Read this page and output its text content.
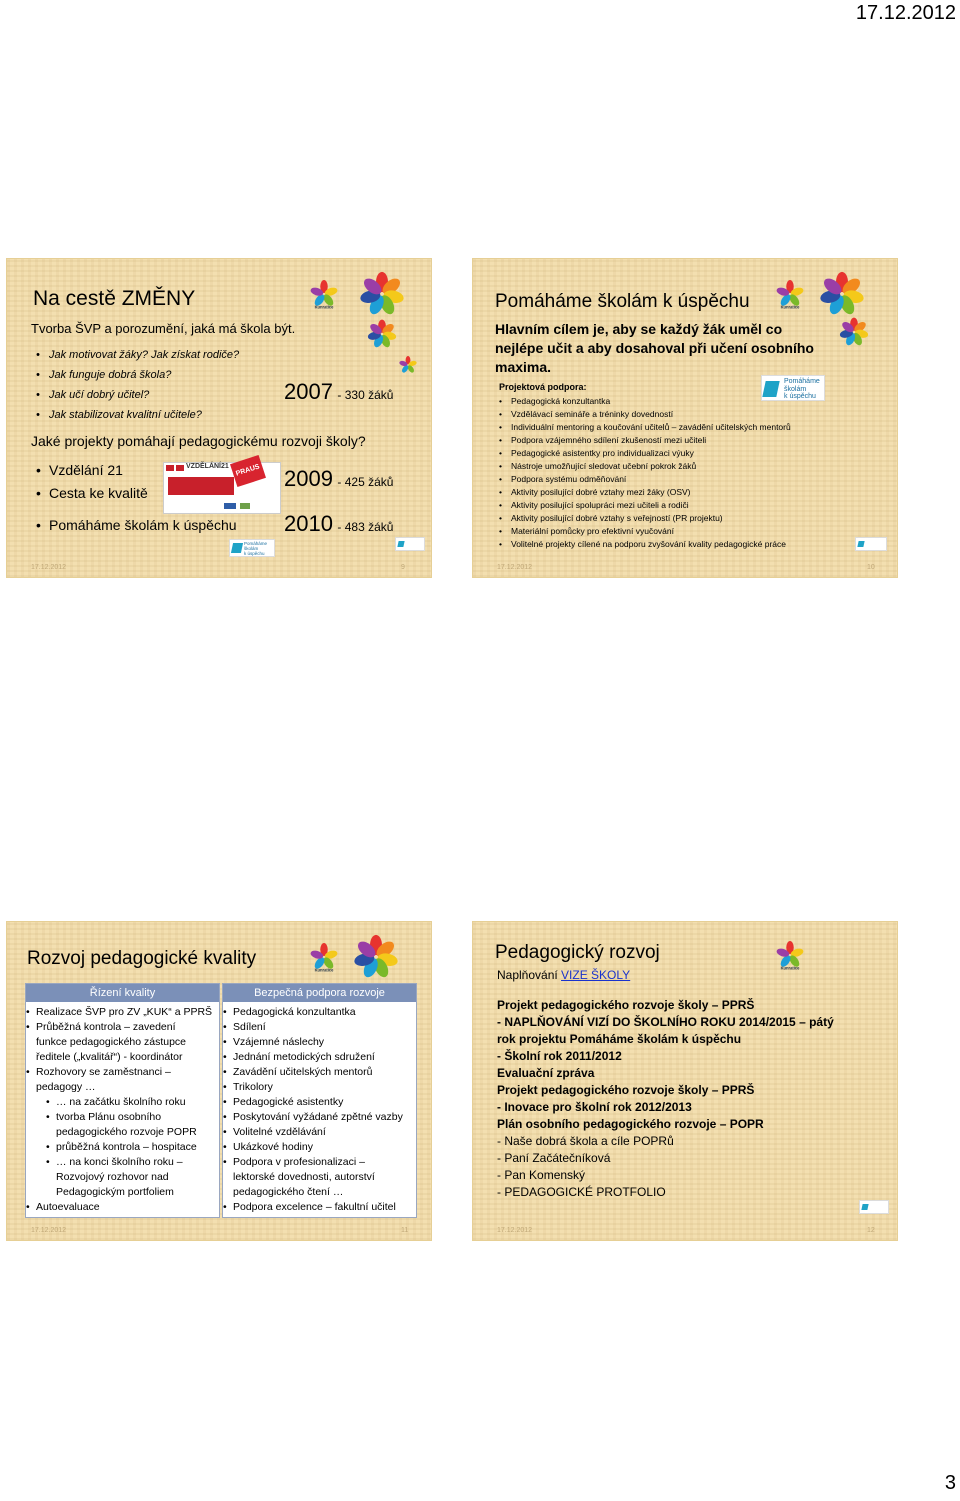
17.12.2012
Na cestě ZMĚNY
Tvorba ŠVP a porozumění, jaká má škola být.
• Jak motivovat žáky? Jak získat rodiče?
• Jak funguje dobrá škola?
• Jak učí dobrý učitel?
• Jak stabilizovat kvalitní učitele?
Jaké projekty pomáhají pedagogickému rozvoji školy?
• Vzdělání 21
• Cesta ke kvalitě
• Pomáháme školám k úspěchu
2007 - 330 žáků
2009 - 425 žáků
2010 - 483 žáků
VZDĚLÁNÍ21 PRAUS
Kunratice
Pomáháme
školám
k úspěchu
17.12.2012	9
Pomáháme školám k úspěchu
Hlavním cílem je, aby se každý žák uměl co
nejlépe učit a aby dosahoval při učení osobního
maxima.
Projektová podpora:
• Pedagogická konzultantka
• Vzdělávací semináře a tréninky dovedností
• Individuální mentoring a koučování učitelů – zavádění učitelských mentorů
• Podpora vzájemného sdílení zkušeností mezi učiteli
• Pedagogické asistentky pro individualizaci výuky
• Nástroje umožňující sledovat učební pokrok žáků
• Podpora systému odměňování
• Aktivity posilující dobré vztahy mezi žáky (OSV)
• Aktivity posilující spolupráci mezi učiteli a rodiči
• Aktivity posilující dobré vztahy s veřejností (PR projektu)
• Materiální pomůcky pro efektivní vyučování
• Volitelné projekty cílené na podporu zvyšování kvality pedagogické práce
Pomáháme
školám
k úspěchu
Kunratice
17.12.2012	10
Rozvoj pedagogické kvality
Kunratice
Řízení kvality
• Realizace ŠVP pro ZV „KUK“ a PPRŠ
• Průběžná kontrola – zavedení
funkce pedagogického zástupce
ředitele („kvalitář“) - koordinátor
• Rozhovory se zaměstnanci –
pedagogy …
• … na začátku školního roku
• tvorba Plánu osobního
pedagogického rozvoje POPR
• průběžná kontrola – hospitace
• … na konci školního roku –
Rozvojový rozhovor nad
Pedagogickým portfoliem
• Autoevaluace
Bezpečná podpora rozvoje
• Pedagogická konzultantka
• Sdílení
• Vzájemné náslechy
• Jednání metodických sdružení
• Zavádění učitelských mentorů
• Trikolory
• Pedagogické asistentky
• Poskytování vyžádané zpětné vazby
• Volitelné vzdělávání
• Ukázkové hodiny
• Podpora v profesionalizaci –
lektorské dovednosti, autorství
pedagogického čtení …
• Podpora excelence – fakultní učitel
17.12.2012	11
Pedagogický rozvoj
Naplňování VIZE ŠKOLY
Projekt pedagogického rozvoje školy – PPRŠ
- NAPLŇOVÁNÍ VIZÍ DO ŠKOLNÍHO ROKU 2014/2015 – pátý
rok projektu Pomáháme školám k úspěchu
- Školní rok 2011/2012
Evaluační zpráva
Projekt pedagogického rozvoje školy – PPRŠ
- Inovace pro školní rok 2012/2013
Plán osobního pedagogického rozvoje – POPR
- Naše dobrá škola a cíle POPRů
- Paní Začátečníková
- Pan Komenský
- PEDAGOGICKÉ PROTFOLIO
Kunratice
17.12.2012	12
3
